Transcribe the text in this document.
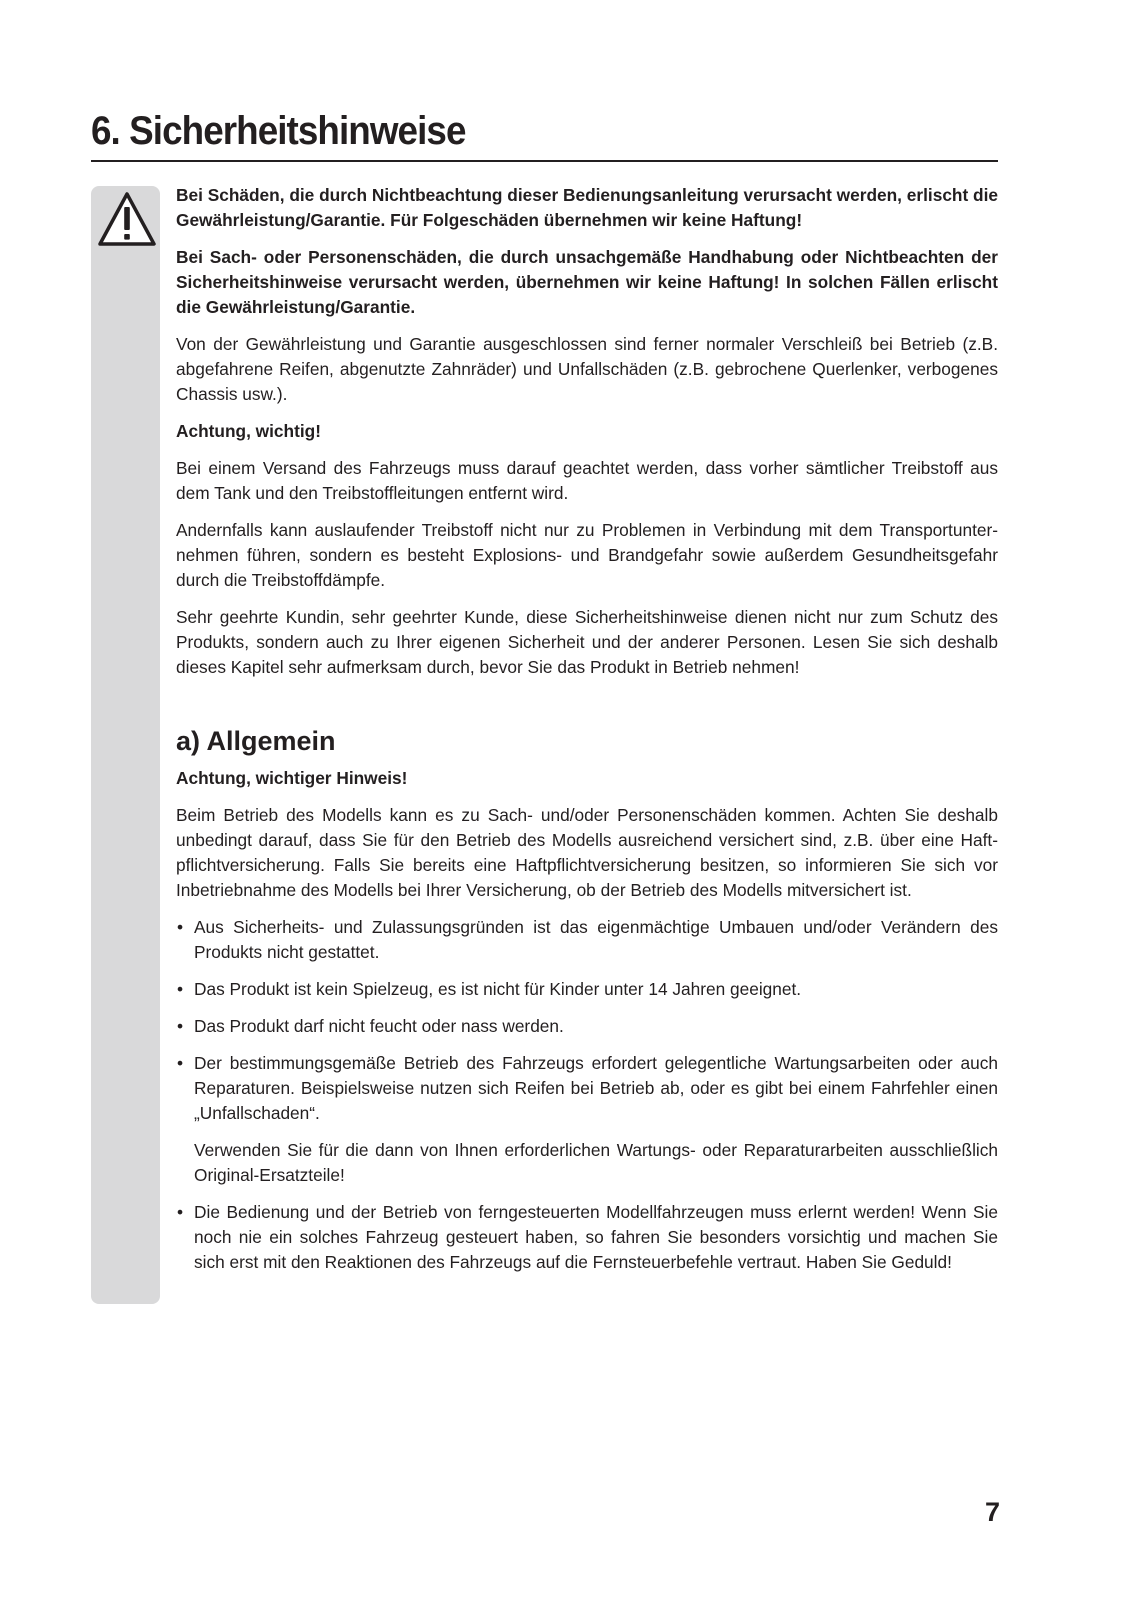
6. Sicherheitshinweise

Bei Schäden, die durch Nichtbeachtung dieser Bedienungsanleitung verursacht werden, erlischt die Gewährleistung/Garantie. Für Folgeschäden übernehmen wir keine Haftung!

Bei Sach- oder Personenschäden, die durch unsachgemäße Handhabung oder Nichtbeachten der Sicherheitshinweise verursacht werden, übernehmen wir keine Haftung! In solchen Fällen erlischt die Gewährleistung/Garantie.

Von der Gewährleistung und Garantie ausgeschlossen sind ferner normaler Verschleiß bei Betrieb (z.B. abgefahrene Reifen, abgenutzte Zahnräder) und Unfallschäden (z.B. gebrochene Querlenker, verbogenes Chassis usw.).

Achtung, wichtig!

Bei einem Versand des Fahrzeugs muss darauf geachtet werden, dass vorher sämtlicher Treibstoff aus dem Tank und den Treibstoffleitungen entfernt wird.

Andernfalls kann auslaufender Treibstoff nicht nur zu Problemen in Verbindung mit dem Transportunternehmen führen, sondern es besteht Explosions- und Brandgefahr sowie außerdem Gesundheitsgefahr durch die Treibstoffdämpfe.

Sehr geehrte Kundin, sehr geehrter Kunde, diese Sicherheitshinweise dienen nicht nur zum Schutz des Produkts, sondern auch zu Ihrer eigenen Sicherheit und der anderer Personen. Lesen Sie sich deshalb dieses Kapitel sehr aufmerksam durch, bevor Sie das Produkt in Betrieb nehmen!

a) Allgemein

Achtung, wichtiger Hinweis!

Beim Betrieb des Modells kann es zu Sach- und/oder Personenschäden kommen. Achten Sie deshalb unbedingt darauf, dass Sie für den Betrieb des Modells ausreichend versichert sind, z.B. über eine Haftpflichtversicherung. Falls Sie bereits eine Haftpflichtversicherung besitzen, so informieren Sie sich vor Inbetriebnahme des Modells bei Ihrer Versicherung, ob der Betrieb des Modells mitversichert ist.

• Aus Sicherheits- und Zulassungsgründen ist das eigenmächtige Umbauen und/oder Verändern des Produkts nicht gestattet.

• Das Produkt ist kein Spielzeug, es ist nicht für Kinder unter 14 Jahren geeignet.

• Das Produkt darf nicht feucht oder nass werden.

• Der bestimmungsgemäße Betrieb des Fahrzeugs erfordert gelegentliche Wartungsarbeiten oder auch Reparaturen. Beispielsweise nutzen sich Reifen bei Betrieb ab, oder es gibt bei einem Fahrfehler einen „Unfallschaden“.

Verwenden Sie für die dann von Ihnen erforderlichen Wartungs- oder Reparaturarbeiten ausschließlich Original-Ersatzteile!

• Die Bedienung und der Betrieb von ferngesteuerten Modellfahrzeugen muss erlernt werden! Wenn Sie noch nie ein solches Fahrzeug gesteuert haben, so fahren Sie besonders vorsichtig und machen Sie sich erst mit den Reaktionen des Fahrzeugs auf die Fernsteuerbefehle vertraut. Haben Sie Geduld!

7
